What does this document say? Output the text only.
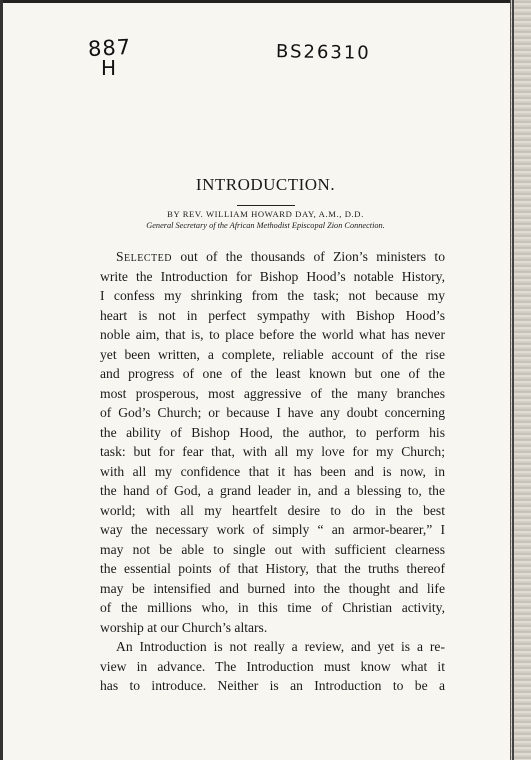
887
H
BS26310
INTRODUCTION.
BY REV. WILLIAM HOWARD DAY, A.M., D.D.
General Secretary of the African Methodist Episcopal Zion Connection.
Selected out of the thousands of Zion’s ministers to
write the Introduction for Bishop Hood’s notable History,
I confess my shrinking from the task; not because my
heart is not in perfect sympathy with Bishop Hood’s
noble aim, that is, to place before the world what has never
yet been written, a complete, reliable account of the rise
and progress of one of the least known but one of the
most prosperous, most aggressive of the many branches
of God’s Church; or because I have any doubt concerning
the ability of Bishop Hood, the author, to perform his
task: but for fear that, with all my love for my Church;
with all my confidence that it has been and is now, in
the hand of God, a grand leader in, and a blessing to, the
world; with all my heartfelt desire to do in the best
way the necessary work of simply “ an armor-bearer,” I
may not be able to single out with sufficient clearness
the essential points of that History, that the truths thereof
may be intensified and burned into the thought and life
of the millions who, in this time of Christian activity,
worship at our Church’s altars.
An Introduction is not really a review, and yet is a re-
view in advance. The Introduction must know what it
has to introduce. Neither is an Introduction to be a
